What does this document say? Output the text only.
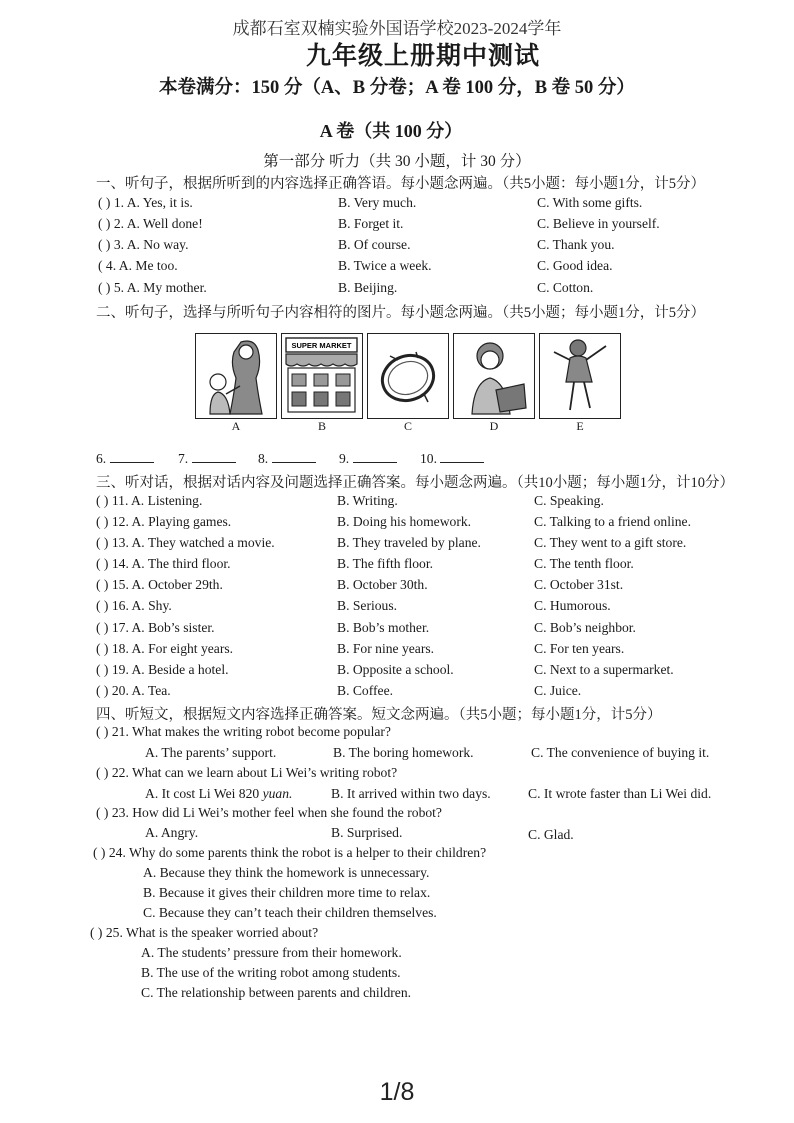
成都石室双楠实验外国语学校2023-2024学年
九年级上册期中测试
本卷满分：150 分（A、B 分卷；A 卷 100 分，B 卷 50 分）
A 卷（共 100 分）
第一部分 听力（共 30 小题，计 30 分）
一、听句子，根据所听到的内容选择正确答语。每小题念两遍。（共5小题：每小题1分，计5分）
( ) 1. A. Yes, it is.	B. Very much.	C. With some gifts.
( ) 2. A. Well done!	B. Forget it.	C. Believe in yourself.
( ) 3. A. No way.	B. Of course.	C. Thank you.
( 4. A. Me too.	B. Twice a week.	C. Good idea.
( ) 5. A. My mother.	B. Beijing.	C. Cotton.
二、听句子，选择与所听句子内容相符的图片。每小题念两遍。（共5小题；每小题1分，计5分）
SUPER MARKET
A	B	C	D	E
6.	7.	8.	9.	10.
三、听对话，根据对话内容及问题选择正确答案。每小题念两遍。（共10小题；每小题1分，计10分）
( ) 11. A. Listening.	B. Writing.	C. Speaking.
( ) 12. A. Playing games.	B. Doing his homework.	C. Talking to a friend online.
( ) 13. A. They watched a movie.	B. They traveled by plane.	C. They went to a gift store.
( ) 14. A. The third floor.	B. The fifth floor.	C. The tenth floor.
( ) 15. A. October 29th.	B. October 30th.	C. October 31st.
( ) 16. A. Shy.	B. Serious.	C. Humorous.
( ) 17. A. Bob’s sister.	B. Bob’s mother.	C. Bob’s neighbor.
( ) 18. A. For eight years.	B. For nine years.	C. For ten years.
( ) 19. A. Beside a hotel.	B. Opposite a school.	C. Next to a supermarket.
( ) 20. A. Tea.	B. Coffee.	C. Juice.
四、听短文，根据短文内容选择正确答案。短文念两遍。（共5小题；每小题1分，计5分）
( ) 21. What makes the writing robot become popular?
A. The parents’ support.	B. The boring homework.	C. The convenience of buying it.
( ) 22. What can we learn about Li Wei’s writing robot?
A. It cost Li Wei 820 yuan.	B. It arrived within two days.	C. It wrote faster than Li Wei did.
( ) 23. How did Li Wei’s mother feel when she found the robot?
A. Angry.	B. Surprised.	C. Glad.
( ) 24. Why do some parents think the robot is a helper to their children?
A. Because they think the homework is unnecessary.
B. Because it gives their children more time to relax.
C. Because they can’t teach their children themselves.
( ) 25. What is the speaker worried about?
A. The students’ pressure from their homework.
B. The use of the writing robot among students.
C. The relationship between parents and children.
1/8
